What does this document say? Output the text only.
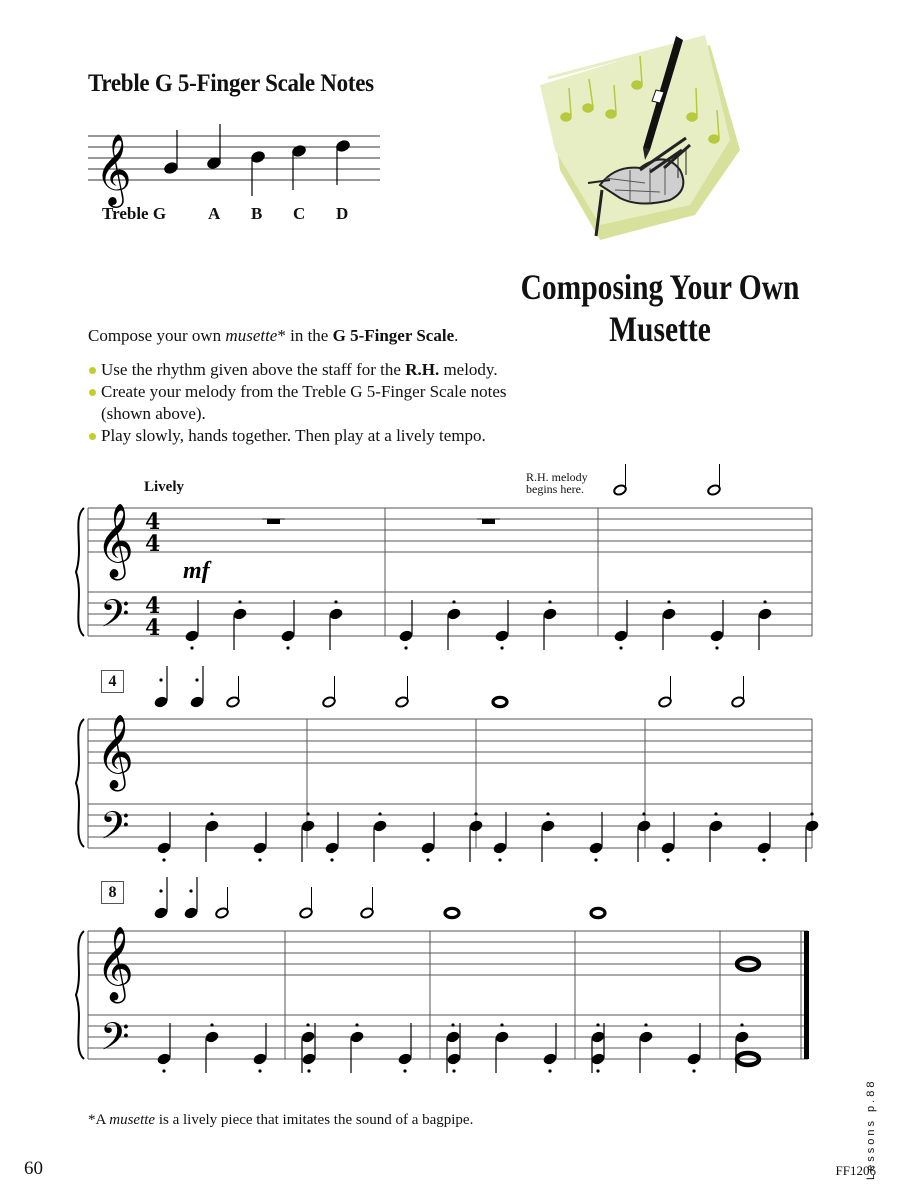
Treble G 5-Finger Scale Notes
𝄞
Treble G A B C D
Composing Your Own
Musette
Compose your own musette* in the G 5-Finger Scale.
Use the rhythm given above the staff for the R.H. melody.
Create your melody from the Treble G 5-Finger Scale notes
(shown above).
Play slowly, hands together. Then play at a lively tempo.
Lively
R.H. melody
begins here.
4
8
𝄞
𝄢
4
4
4
4
mf
𝄞
𝄢
𝄞
𝄢
*A musette is a lively piece that imitates the sound of a bagpipe.	Lessons p.88
60	FF1206
